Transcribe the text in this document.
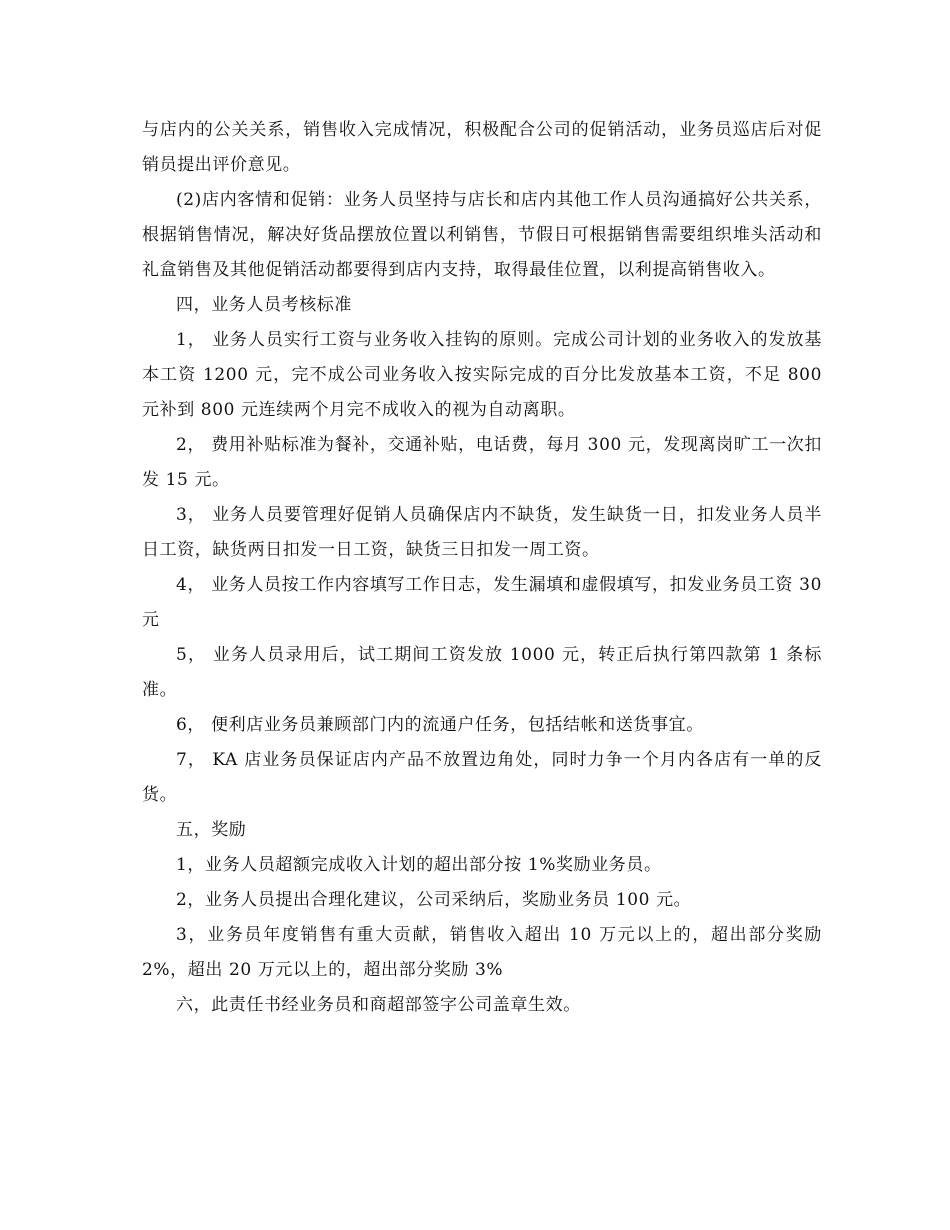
与店内的公关关系，销售收入完成情况，积极配合公司的促销活动，业务员巡店后对促销员提出评价意见。

(2)店内客情和促销：业务人员坚持与店长和店内其他工作人员沟通搞好公共关系，根据销售情况，解决好货品摆放位置以利销售，节假日可根据销售需要组织堆头活动和礼盒销售及其他促销活动都要得到店内支持，取得最佳位置，以利提高销售收入。

四，业务人员考核标准

1， 业务人员实行工资与业务收入挂钩的原则。完成公司计划的业务收入的发放基本工资 1200 元，完不成公司业务收入按实际完成的百分比发放基本工资，不足 800 元补到 800 元连续两个月完不成收入的视为自动离职。

2， 费用补贴标准为餐补，交通补贴，电话费，每月 300 元，发现离岗旷工一次扣发 15 元。

3， 业务人员要管理好促销人员确保店内不缺货，发生缺货一日，扣发业务人员半日工资，缺货两日扣发一日工资，缺货三日扣发一周工资。

4， 业务人员按工作内容填写工作日志，发生漏填和虚假填写，扣发业务员工资 30 元

5， 业务人员录用后，试工期间工资发放 1000 元，转正后执行第四款第 1 条标准。

6， 便利店业务员兼顾部门内的流通户任务，包括结帐和送货事宜。

7， KA 店业务员保证店内产品不放置边角处，同时力争一个月内各店有一单的反货。

五，奖励

1，业务人员超额完成收入计划的超出部分按 1%奖励业务员。

2，业务人员提出合理化建议，公司采纳后，奖励业务员 100 元。

3，业务员年度销售有重大贡献，销售收入超出 10 万元以上的，超出部分奖励 2%，超出 20 万元以上的，超出部分奖励 3%

六，此责任书经业务员和商超部签字公司盖章生效。
